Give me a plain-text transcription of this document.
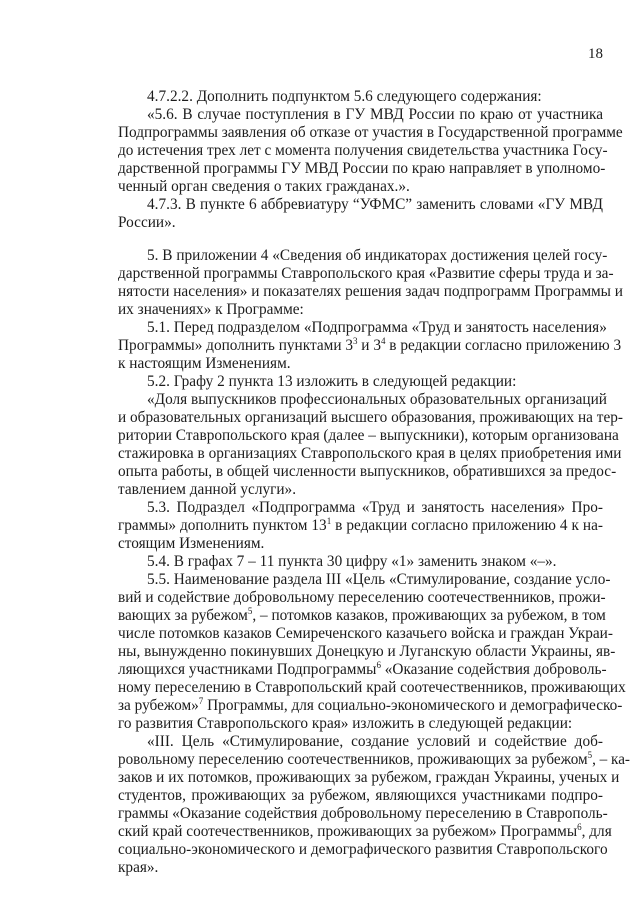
18
4.7.2.2. Дополнить подпунктом 5.6 следующего содержания:
«5.6. В случае поступления в ГУ МВД России по краю от участника
Подпрограммы заявления об отказе от участия в Государственной программе
до истечения трех лет с момента получения свидетельства участника Госу-
дарственной программы ГУ МВД России по краю направляет в уполномо-
ченный орган сведения о таких гражданах.».
4.7.3. В пункте 6 аббревиатуру “УФМС” заменить словами «ГУ МВД
России».
5. В приложении 4 «Сведения об индикаторах достижения целей госу-
дарственной программы Ставропольского края «Развитие сферы труда и за-
нятости населения» и показателях решения задач подпрограмм Программы и
их значениях» к Программе:
5.1. Перед подразделом «Подпрограмма «Труд и занятость населения»
Программы» дополнить пунктами $3^3$ и $3^4$ в редакции согласно приложению 3
к настоящим Изменениям.
5.2. Графу 2 пункта 13 изложить в следующей редакции:
«Доля выпускников профессиональных образовательных организаций
и образовательных организаций высшего образования, проживающих на тер-
ритории Ставропольского края (далее – выпускники), которым организована
стажировка в организациях Ставропольского края в целях приобретения ими
опыта работы, в общей численности выпускников, обратившихся за предос-
тавлением данной услуги».
5.3. Подраздел «Подпрограмма «Труд и занятость населения» Про-
граммы» дополнить пунктом $13^1$ в редакции согласно приложению 4 к на-
стоящим Изменениям.
5.4. В графах 7 – 11 пункта 30 цифру «1» заменить знаком «–».
5.5. Наименование раздела III «Цель «Стимулирование, создание усло-
вий и содействие добровольному переселению соотечественников, прожи-
вающих за рубежом$^5$, – потомков казаков, проживающих за рубежом, в том
числе потомков казаков Семиреченского казачьего войска и граждан Украи-
ны, вынужденно покинувших Донецкую и Луганскую области Украины, яв-
ляющихся участниками Подпрограммы$^6$ «Оказание содействия доброволь-
ному переселению в Ставропольский край соотечественников, проживающих
за рубежом»$^7$ Программы, для социально-экономического и демографическо-
го развития Ставропольского края» изложить в следующей редакции:
«III. Цель «Стимулирование, создание условий и содействие доб-
ровольному переселению соотечественников, проживающих за рубежом$^5$, – ка-
заков и их потомков, проживающих за рубежом, граждан Украины, ученых и
студентов, проживающих за рубежом, являющихся участниками подпро-
граммы «Оказание содействия добровольному переселению в Ставрополь-
ский край соотечественников, проживающих за рубежом» Программы$^6$, для
социально-экономического и демографического развития Ставропольского
края».
